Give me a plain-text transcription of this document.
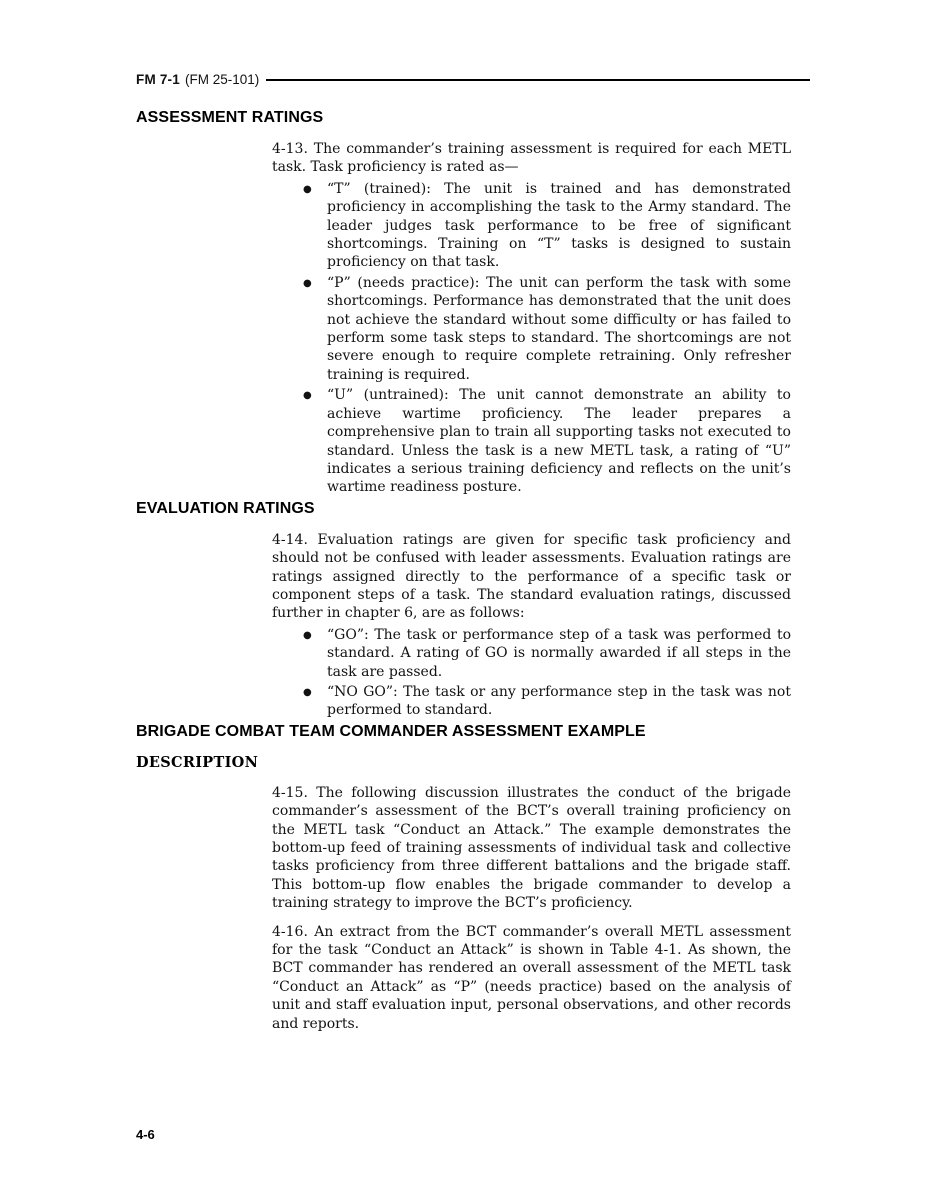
FM 7-1 (FM 25-101)
ASSESSMENT RATINGS

4-13. The commander’s training assessment is required for each METL task. Task proficiency is rated as—

●	“T” (trained): The unit is trained and has demonstrated proficiency in accomplishing the task to the Army standard. The leader judges task performance to be free of significant shortcomings. Training on “T” tasks is designed to sustain proficiency on that task.
●	“P” (needs practice): The unit can perform the task with some shortcomings. Performance has demonstrated that the unit does not achieve the standard without some difficulty or has failed to perform some task steps to standard. The shortcomings are not severe enough to require complete retraining. Only refresher training is required.
●	“U” (untrained): The unit cannot demonstrate an ability to achieve wartime proficiency. The leader prepares a comprehensive plan to train all supporting tasks not executed to standard. Unless the task is a new METL task, a rating of “U” indicates a serious training deficiency and reflects on the unit’s wartime readiness posture.
EVALUATION RATINGS

4-14. Evaluation ratings are given for specific task proficiency and should not be confused with leader assessments. Evaluation ratings are ratings assigned directly to the performance of a specific task or component steps of a task. The standard evaluation ratings, discussed further in chapter 6, are as follows:

●	“GO”: The task or performance step of a task was performed to standard. A rating of GO is normally awarded if all steps in the task are passed.
●	“NO GO”: The task or any performance step in the task was not performed to standard.
BRIGADE COMBAT TEAM COMMANDER ASSESSMENT EXAMPLE
DESCRIPTION

4-15. The following discussion illustrates the conduct of the brigade commander’s assessment of the BCT’s overall training proficiency on the METL task “Conduct an Attack.” The example demonstrates the bottom-up feed of training assessments of individual task and collective tasks proficiency from three different battalions and the brigade staff. This bottom-up flow enables the brigade commander to develop a training strategy to improve the BCT’s proficiency.

4-16. An extract from the BCT commander’s overall METL assessment for the task “Conduct an Attack” is shown in Table 4-1. As shown, the BCT commander has rendered an overall assessment of the METL task “Conduct an Attack” as “P” (needs practice) based on the analysis of unit and staff evaluation input, personal observations, and other records and reports.

4-6
